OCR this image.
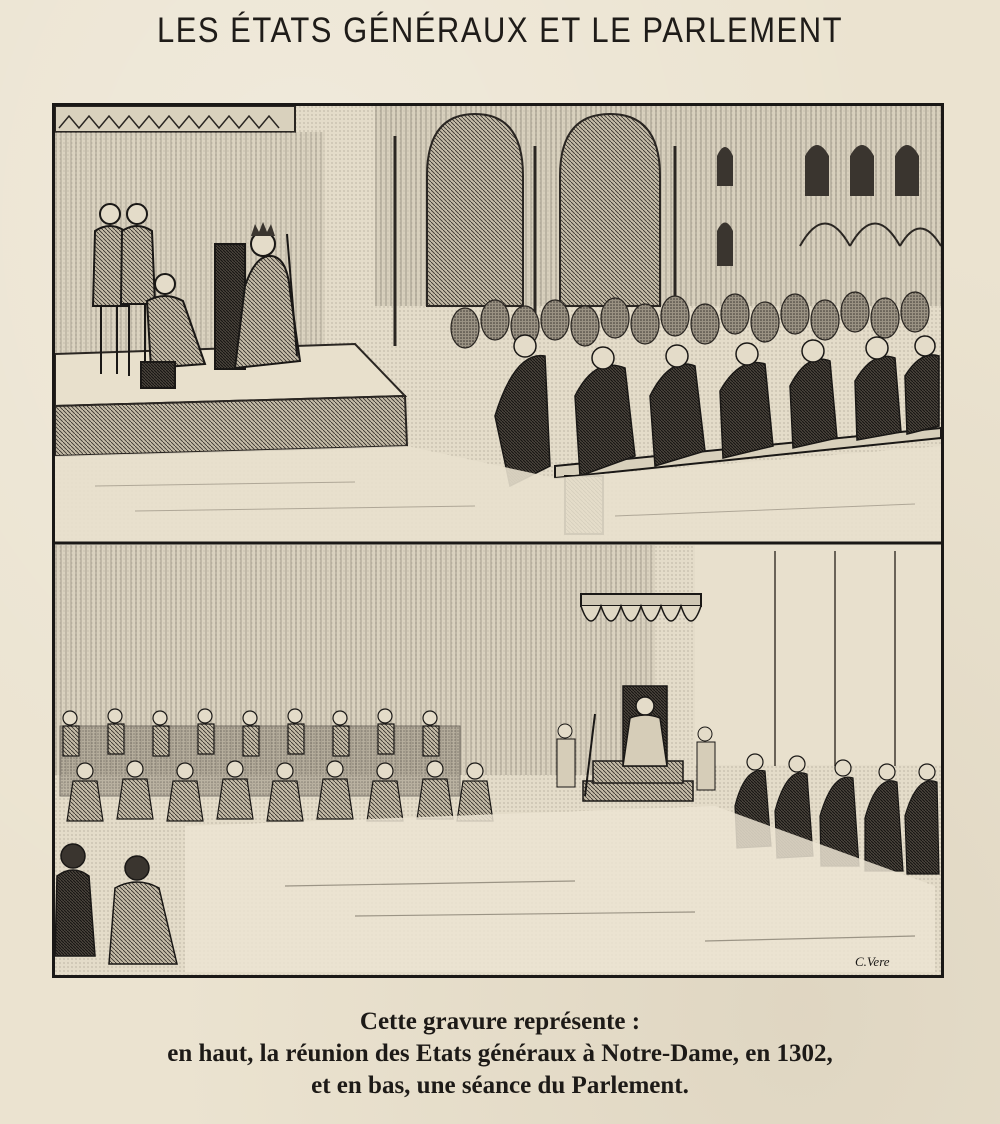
LES ÉTATS GÉNÉRAUX ET LE PARLEMENT
C.Vere
Cette gravure représente :
en haut, la réunion des Etats généraux à Notre-Dame, en 1302,
et en bas, une séance du Parlement.
